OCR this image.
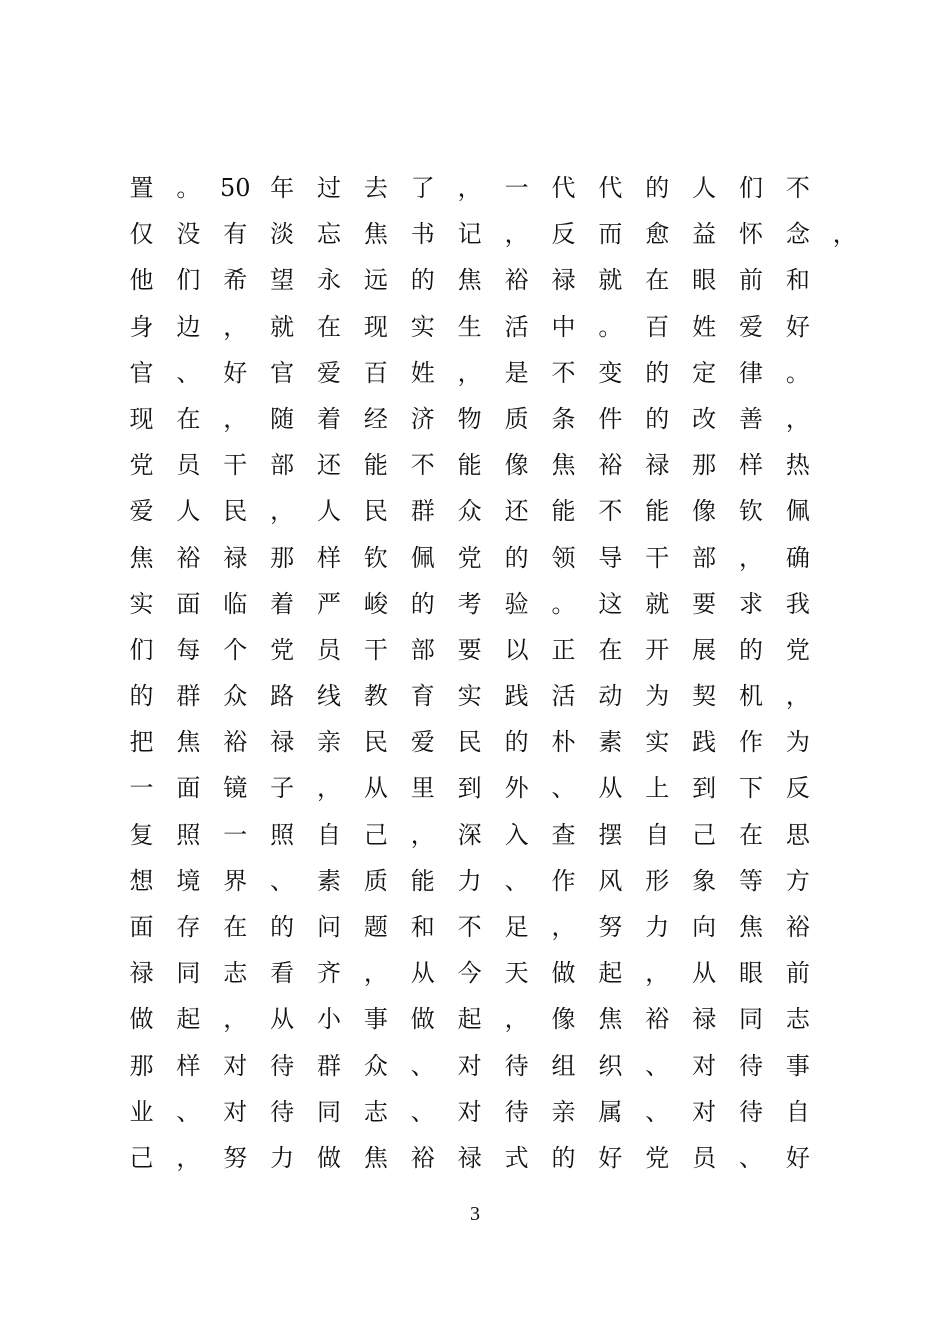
置 。 50 年 过 去 了 ， 一 代 代 的 人 们 不
仅 没 有 淡 忘 焦 书 记 ， 反 而 愈 益 怀 念 ，
他 们 希 望 永 远 的 焦 裕 禄 就 在 眼 前 和
身 边 ， 就 在 现 实 生 活 中 。 百 姓 爱 好
官 、 好 官 爱 百 姓 ， 是 不 变 的 定 律 。
现 在 ， 随 着 经 济 物 质 条 件 的 改 善 ，
党 员 干 部 还 能 不 能 像 焦 裕 禄 那 样 热
爱 人 民 ， 人 民 群 众 还 能 不 能 像 钦 佩
焦 裕 禄 那 样 钦 佩 党 的 领 导 干 部 ， 确
实 面 临 着 严 峻 的 考 验 。 这 就 要 求 我
们 每 个 党 员 干 部 要 以 正 在 开 展 的 党
的 群 众 路 线 教 育 实 践 活 动 为 契 机 ，
把 焦 裕 禄 亲 民 爱 民 的 朴 素 实 践 作 为
一 面 镜 子 ， 从 里 到 外 、 从 上 到 下 反
复 照 一 照 自 己 ， 深 入 查 摆 自 己 在 思
想 境 界 、 素 质 能 力 、 作 风 形 象 等 方
面 存 在 的 问 题 和 不 足 ， 努 力 向 焦 裕
禄 同 志 看 齐 ， 从 今 天 做 起 ， 从 眼 前
做 起 ， 从 小 事 做 起 ， 像 焦 裕 禄 同 志
那 样 对 待 群 众 、 对 待 组 织 、 对 待 事
业 、 对 待 同 志 、 对 待 亲 属 、 对 待 自
己 ， 努 力 做 焦 裕 禄 式 的 好 党 员 、 好
3
